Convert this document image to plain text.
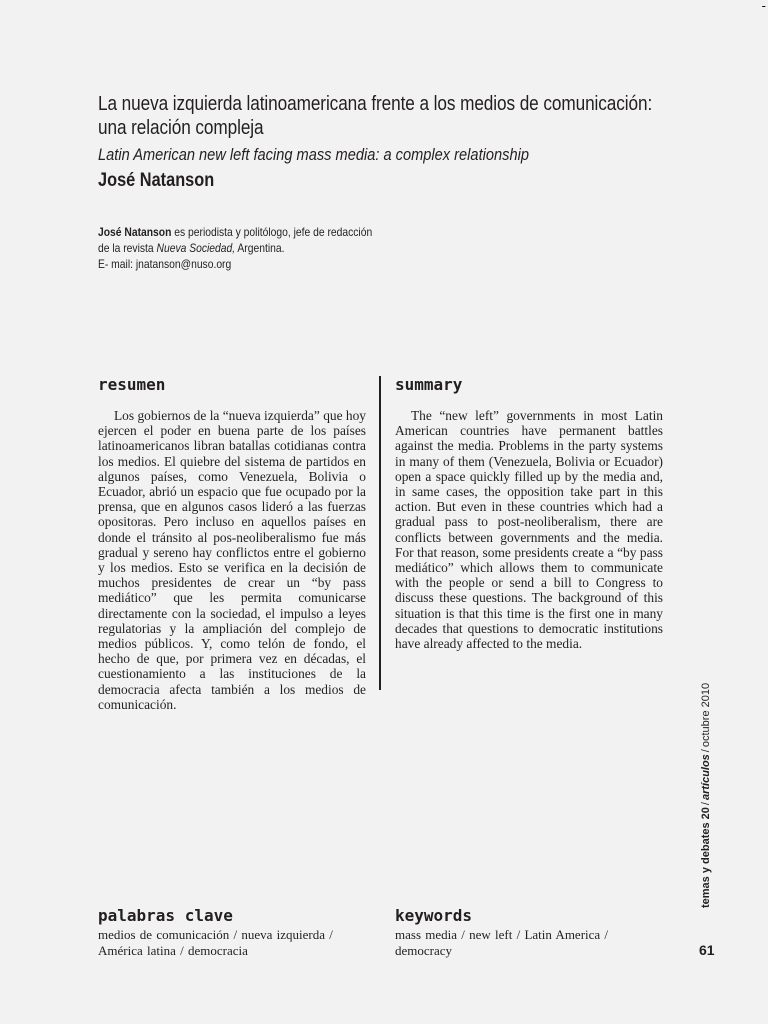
-
La nueva izquierda latinoamericana frente a los medios de comunicación: una relación compleja

Latin American new left facing mass media: a complex relationship

José Natanson

José Natanson es periodista y politólogo, jefe de redacción de la revista Nueva Sociedad, Argentina.
E- mail: jnatanson@nuso.org
resumen

Los gobiernos de la “nueva izquierda” que hoy ejercen el poder en buena parte de los países latinoamericanos libran batallas cotidianas contra los medios. El quiebre del sistema de partidos en algunos países, como Venezuela, Bolivia o Ecuador, abrió un espacio que fue ocupado por la prensa, que en algunos casos lideró a las fuerzas opositoras. Pero incluso en aquellos países en donde el tránsito al pos-neoliberalismo fue más gradual y sereno hay conflictos entre el gobierno y los medios. Esto se verifica en la decisión de muchos presidentes de crear un “by pass mediático” que les permita comunicarse directamente con la sociedad, el impulso a leyes regulatorias y la ampliación del complejo de medios públicos. Y, como telón de fondo, el hecho de que, por primera vez en décadas, el cuestionamiento a las instituciones de la democracia afecta también a los medios de comunicación.

summary

The “new left” governments in most Latin American countries have permanent battles against the media. Problems in the party systems in many of them (Venezuela, Bolivia or Ecuador) open a space quickly filled up by the media and, in same cases, the opposition take part in this action. But even in these countries which had a gradual pass to post-neoliberalism, there are conflicts between governments and the media. For that reason, some presidents create a “by pass mediático” which allows them to communicate with the people or send a bill to Congress to discuss these questions. The background of this situation is that this time is the first one in many decades that questions to democratic institutions have already affected to the media.

palabras clave

medios de comunicación / nueva izquierda / América latina / democracia

keywords

mass media / new left / Latin America / democracy

temas y debates 20/artículos/octubre 2010
61
